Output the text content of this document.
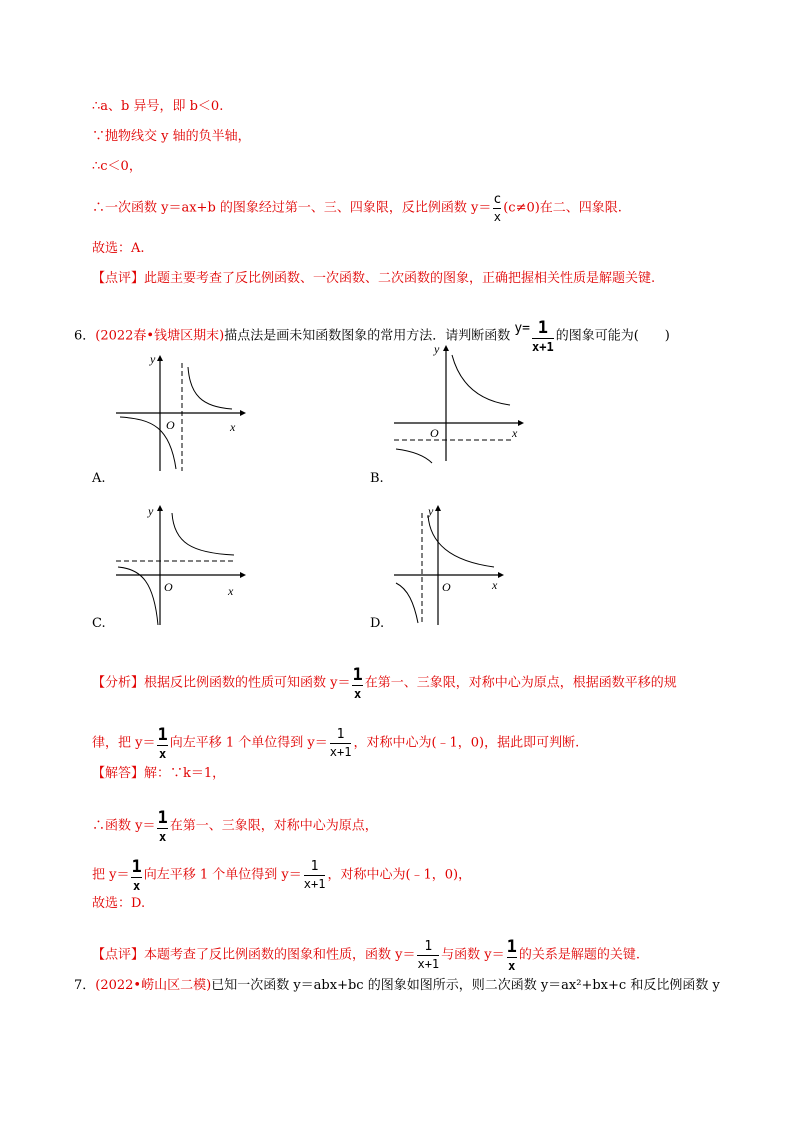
∴a、b 异号，即 b＜0.
∵抛物线交 y 轴的负半轴，
∴c＜0，
∴一次函数 y＝ax+b 的图象经过第一、三、四象限，反比例函数 $y= \frac{c}{x} (c\ne 0)$在二、四象限.
故选：A.
【点评】此题主要考查了反比例函数、一次函数、二次函数的图象，正确把握相关性质是解题关键.
6．(2022春•钱塘区期末)描点法是画未知函数图象的常用方法．请判断函数 $y= \frac{1}{x+1}$ 的图象可能为(　　)
y
x
O
A.
y
x
O
B.
y
x
O
C.
y
x
O
D.
【分析】根据反比例函数的性质可知函数 $y= \frac{1}{x}$ 在第一、三象限，对称中心为原点，根据函数平移的规
律，把 $y= \frac{1}{x}$ 向左平移 1 个单位得到 $y= \frac{1}{x+1}$ ，对称中心为(﹣1，0)，据此即可判断.
【解答】解：∵k＝1，
∴函数 $y= \frac{1}{x}$ 在第一、三象限，对称中心为原点，
把 $y= \frac{1}{x}$ 向左平移 1 个单位得到 $y= \frac{1}{x+1}$ ，对称中心为(﹣1，0)，
故选：D.
【点评】本题考查了反比例函数的图象和性质，函数 $y= \frac{1}{x+1}$ 与函数 $y= \frac{1}{x}$ 的关系是解题的关键.
7．(2022•崂山区二模)已知一次函数 y＝abx+bc 的图象如图所示，则二次函数 y＝ax²+bx+c 和反比例函数 y
